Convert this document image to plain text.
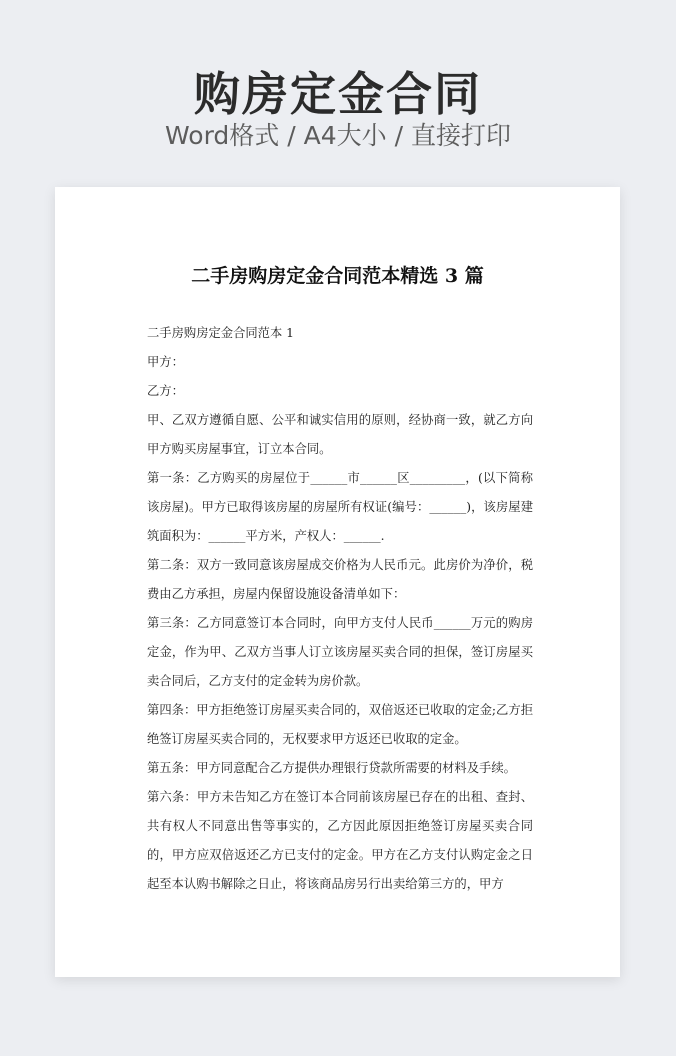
购房定金合同
Word格式 / A4大小 / 直接打印
二手房购房定金合同范本精选 3 篇

二手房购房定金合同范本 1

甲方：

乙方：

甲、乙双方遵循自愿、公平和诚实信用的原则，经协商一致，就乙方向甲方购买房屋事宜，订立本合同。

第一条：乙方购买的房屋位于______市______区_________，(以下简称该房屋)。甲方已取得该房屋的房屋所有权证(编号：______)，该房屋建筑面积为：______平方米，产权人：______.

第二条：双方一致同意该房屋成交价格为人民币元。此房价为净价，税费由乙方承担，房屋内保留设施设备清单如下：

第三条：乙方同意签订本合同时，向甲方支付人民币______万元的购房定金，作为甲、乙双方当事人订立该房屋买卖合同的担保，签订房屋买卖合同后，乙方支付的定金转为房价款。

第四条：甲方拒绝签订房屋买卖合同的，双倍返还已收取的定金;乙方拒绝签订房屋买卖合同的，无权要求甲方返还已收取的定金。

第五条：甲方同意配合乙方提供办理银行贷款所需要的材料及手续。

第六条：甲方未告知乙方在签订本合同前该房屋已存在的出租、查封、共有权人不同意出售等事实的，乙方因此原因拒绝签订房屋买卖合同的，甲方应双倍返还乙方已支付的定金。甲方在乙方支付认购定金之日起至本认购书解除之日止，将该商品房另行出卖给第三方的，甲方
